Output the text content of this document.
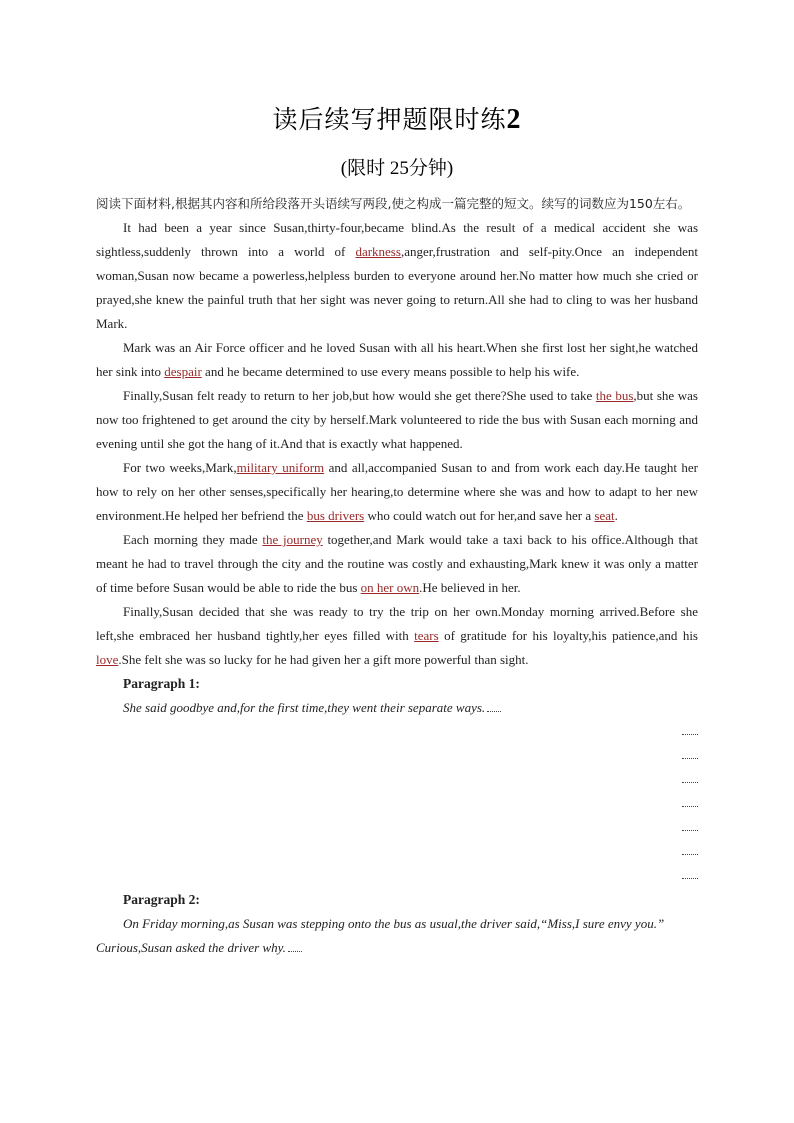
读后续写押题限时练2
(限时 25分钟)

阅读下面材料,根据其内容和所给段落开头语续写两段,使之构成一篇完整的短文。续写的词数应为150左右。

It had been a year since Susan,thirty-four,became blind.As the result of a medical accident she was sightless,suddenly thrown into a world of darkness,anger,frustration and self-pity.Once an independent woman,Susan now became a powerless,helpless burden to everyone around her.No matter how much she cried or prayed,she knew the painful truth that her sight was never going to return.All she had to cling to was her husband Mark.

Mark was an Air Force officer and he loved Susan with all his heart.When she first lost her sight,he watched her sink into despair and he became determined to use every means possible to help his wife.

Finally,Susan felt ready to return to her job,but how would she get there?She used to take the bus,but she was now too frightened to get around the city by herself.Mark volunteered to ride the bus with Susan each morning and evening until she got the hang of it.And that is exactly what happened.

For two weeks,Mark,military uniform and all,accompanied Susan to and from work each day.He taught her how to rely on her other senses,specifically her hearing,to determine where she was and how to adapt to her new environment.He helped her befriend the bus drivers who could watch out for her,and save her a seat.

Each morning they made the journey together,and Mark would take a taxi back to his office.Although that meant he had to travel through the city and the routine was costly and exhausting,Mark knew it was only a matter of time before Susan would be able to ride the bus on her own.He believed in her.

Finally,Susan decided that she was ready to try the trip on her own.Monday morning arrived.Before she left,she embraced her husband tightly,her eyes filled with tears of gratitude for his loyalty,his patience,and his love.She felt she was so lucky for he had given her a gift more powerful than sight.

Paragraph 1:

She said goodbye and,for the first time,they went their separate ways.

Paragraph 2:

On Friday morning,as Susan was stepping onto the bus as usual,the driver said,“Miss,I sure envy you.” Curious,Susan asked the driver why.
